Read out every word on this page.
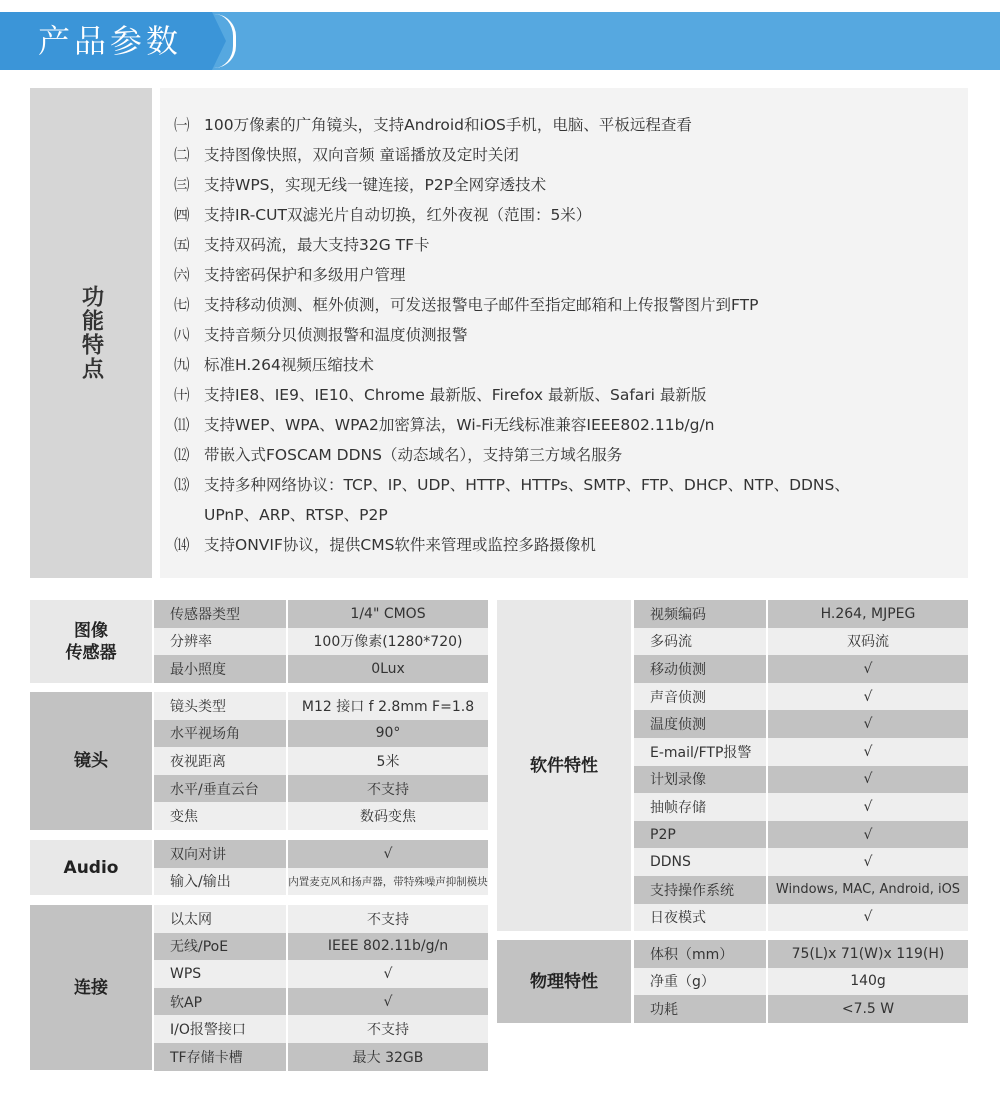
产品参数
功能特点
㈠ 100万像素的广角镜头，支持Android和iOS手机，电脑、平板远程查看
㈡ 支持图像快照，双向音频 童谣播放及定时关闭
㈢ 支持WPS，实现无线一键连接，P2P全网穿透技术
㈣ 支持IR-CUT双滤光片自动切换，红外夜视（范围：5米）
㈤ 支持双码流，最大支持32G TF卡
㈥ 支持密码保护和多级用户管理
㈦ 支持移动侦测、框外侦测，可发送报警电子邮件至指定邮箱和上传报警图片到FTP
㈧ 支持音频分贝侦测报警和温度侦测报警
㈨ 标准H.264视频压缩技术
㈩ 支持IE8、IE9、IE10、Chrome 最新版、Firefox 最新版、Safari 最新版
⑾ 支持WEP、WPA、WPA2加密算法，Wi-Fi无线标准兼容IEEE802.11b/g/n
⑿ 带嵌入式FOSCAM DDNS（动态域名），支持第三方域名服务
⒀ 支持多种网络协议：TCP、IP、UDP、HTTP、HTTPs、SMTP、FTP、DHCP、NTP、DDNS、
UPnP、ARP、RTSP、P2P
⒁ 支持ONVIF协议，提供CMS软件来管理或监控多路摄像机
图像
传感器
传感器类型	1/4" CMOS
分辨率	100万像素(1280*720)
最小照度	0Lux
镜头
镜头类型	M12 接口 f 2.8mm F=1.8
水平视场角	90°
夜视距离	5米
水平/垂直云台	不支持
变焦	数码变焦
Audio
双向对讲	√
输入/输出	内置麦克风和扬声器，带特殊噪声抑制模块
连接
以太网	不支持
无线/PoE	IEEE 802.11b/g/n
WPS	√
软AP	√
I/O报警接口	不支持
TF存储卡槽	最大 32GB
软件特性
视频编码	H.264, MJPEG
多码流	双码流
移动侦测	√
声音侦测	√
温度侦测	√
E-mail/FTP报警	√
计划录像	√
抽帧存储	√
P2P	√
DDNS	√
支持操作系统	Windows, MAC, Android, iOS
日夜模式	√
物理特性
体积（mm）	75(L)x 71(W)x 119(H)
净重（g）	140g
功耗	<7.5 W
